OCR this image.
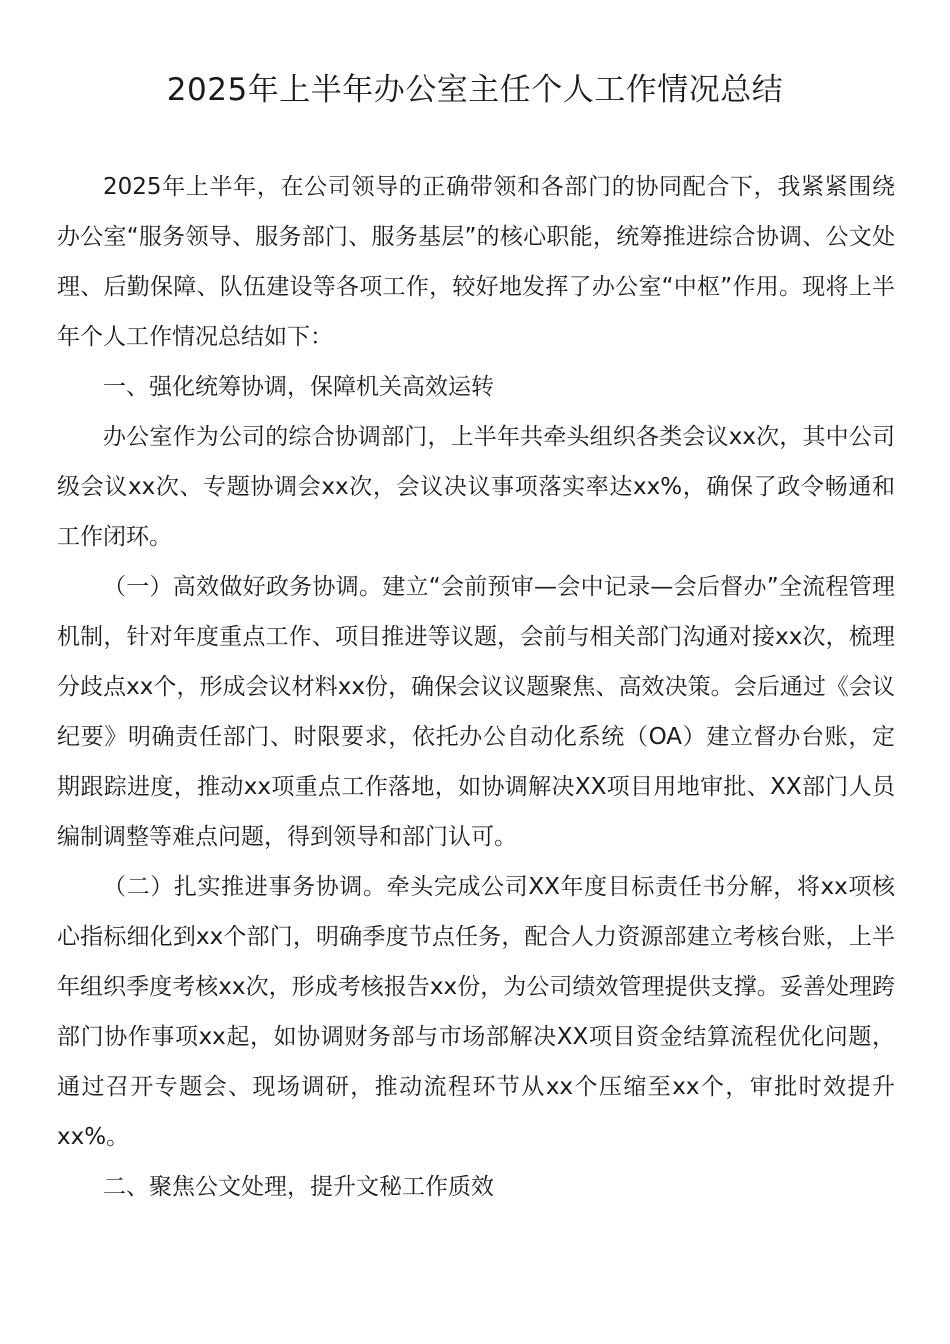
2025年上半年办公室主任个人工作情况总结

2025年上半年，在公司领导的正确带领和各部门的协同配合下，我紧紧围绕办公室“服务领导、服务部门、服务基层”的核心职能，统筹推进综合协调、公文处理、后勤保障、队伍建设等各项工作，较好地发挥了办公室“中枢”作用。现将上半年个人工作情况总结如下：

一、强化统筹协调，保障机关高效运转

办公室作为公司的综合协调部门，上半年共牵头组织各类会议xx次，其中公司级会议xx次、专题协调会xx次，会议决议事项落实率达xx%，确保了政令畅通和工作闭环。

（一）高效做好政务协调。建立“会前预审—会中记录—会后督办”全流程管理机制，针对年度重点工作、项目推进等议题，会前与相关部门沟通对接xx次，梳理分歧点xx个，形成会议材料xx份，确保会议议题聚焦、高效决策。会后通过《会议纪要》明确责任部门、时限要求，依托办公自动化系统（OA）建立督办台账，定期跟踪进度，推动xx项重点工作落地，如协调解决XX项目用地审批、XX部门人员编制调整等难点问题，得到领导和部门认可。

（二）扎实推进事务协调。牵头完成公司XX年度目标责任书分解，将xx项核心指标细化到xx个部门，明确季度节点任务，配合人力资源部建立考核台账，上半年组织季度考核xx次，形成考核报告xx份，为公司绩效管理提供支撑。妥善处理跨部门协作事项xx起，如协调财务部与市场部解决XX项目资金结算流程优化问题，通过召开专题会、现场调研，推动流程环节从xx个压缩至xx个，审批时效提升xx%。

二、聚焦公文处理，提升文秘工作质效
